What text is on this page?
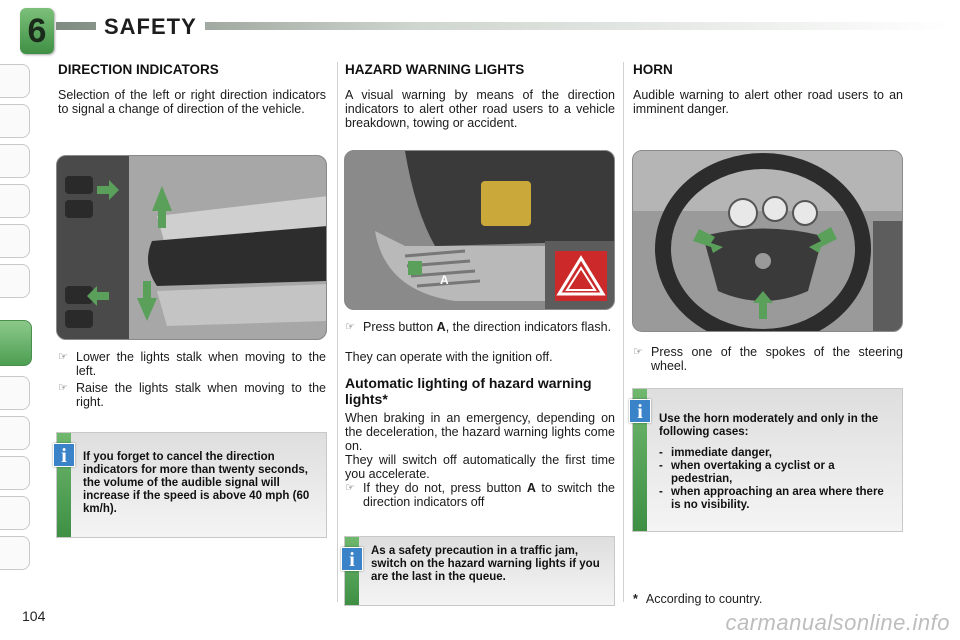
6	SAFETY
DIRECTION INDICATORS

Selection of the left or right direction indicators to signal a change of direction of the vehicle.

☞ Lower the lights stalk when moving to the left.
☞ Raise the lights stalk when moving to the right.
i	If you forget to cancel the direction indicators for more than twenty seconds, the volume of the audible signal will increase if the speed is above 40 mph (60 km/h).
HAZARD WARNING LIGHTS

A visual warning by means of the direction indicators to alert other road users to a vehicle breakdown, towing or accident.

A
☞ Press button A, the direction indicators flash.

They can operate with the ignition off.

Automatic lighting of hazard warning lights*

When braking in an emergency, depending on the deceleration, the hazard warning lights come on.

They will switch off automatically the first time you accelerate.

☞ If they do not, press button A to switch the direction indicators off
i	As a safety precaution in a traffic jam, switch on the hazard warning lights if you are the last in the queue.
HORN

Audible warning to alert other road users to an imminent danger.

☞ Press one of the spokes of the steering wheel.
i	Use the horn moderately and only in the following cases:
- immediate danger,
- when overtaking a cyclist or a pedestrian,
- when approaching an area where there is no visibility.
* According to country.
104	carmanualsonline.info
